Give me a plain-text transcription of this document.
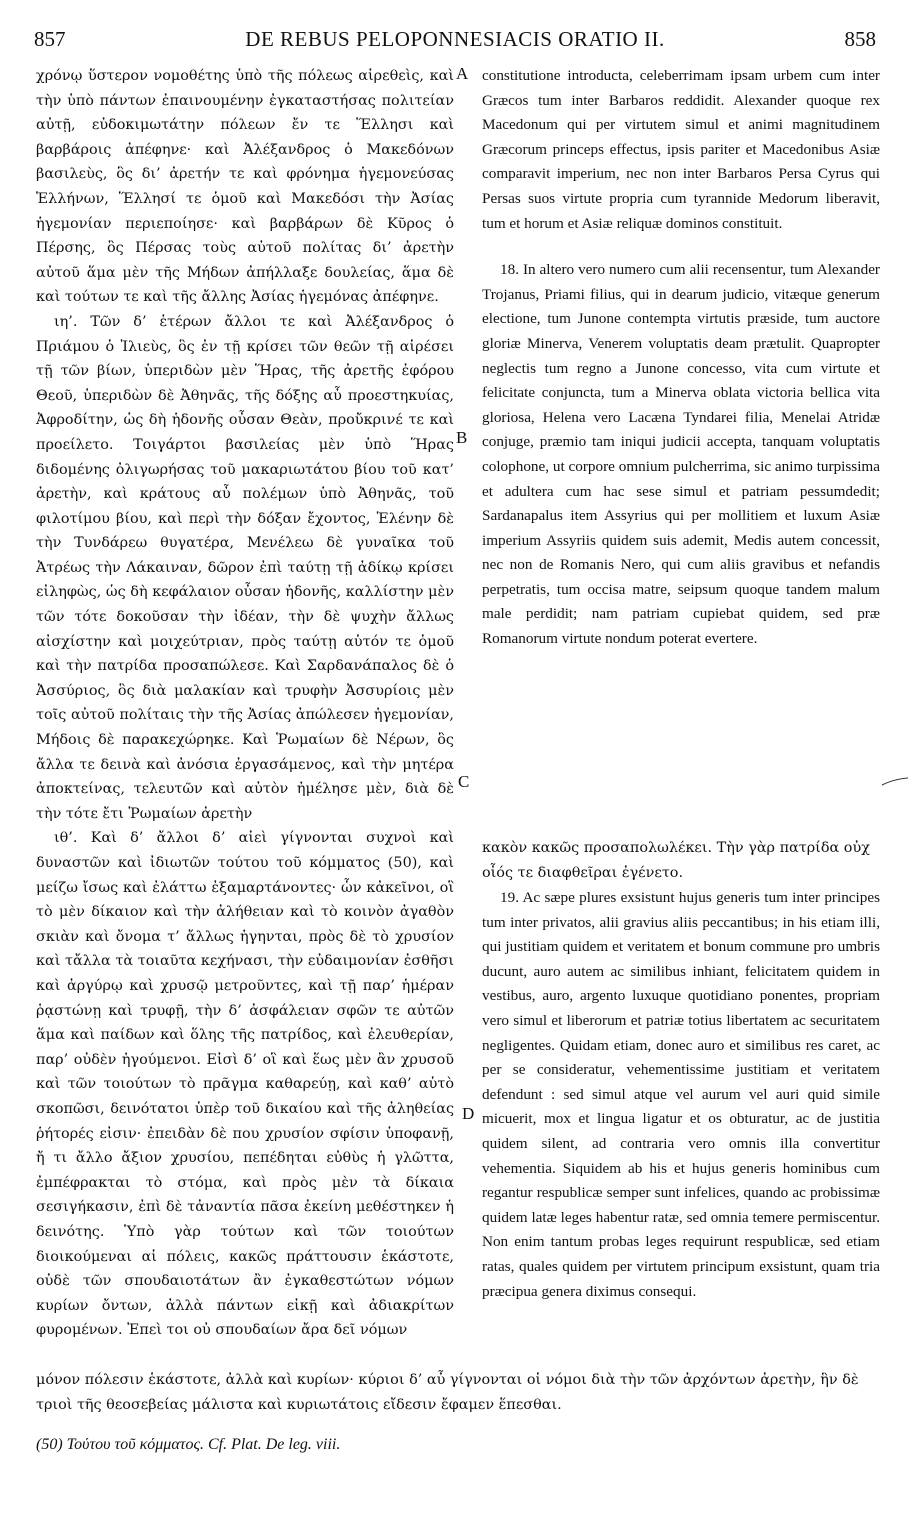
857	DE REBUS PELOPONNESIACIS ORATIO II.	858

χρόνῳ ὕστερον νομοθέτης ὑπὸ τῆς πόλεως αἱρεθεὶς, καὶ τὴν ὑπὸ πάντων ἐπαινουμένην ἐγκαταστήσας πολιτείαν αὐτῇ, εὐδοκιμωτάτην πόλεων ἔν τε Ἕλλησι καὶ βαρβάροις ἀπέφηνε· καὶ Ἀλέξανδρος ὁ Μακεδόνων βασιλεὺς, ὃς δι’ ἀρετήν τε καὶ φρόνημα ἡγεμονεύσας Ἑλλήνων, Ἕλλησί τε ὁμοῦ καὶ Μακεδόσι τὴν Ἀσίας ἡγεμονίαν περιεποίησε· καὶ βαρβάρων δὲ Κῦρος ὁ Πέρσης, ὃς Πέρσας τοὺς αὐτοῦ πολίτας δι’ ἀρετὴν αὐτοῦ ἅμα μὲν τῆς Μήδων ἀπήλλαξε δουλείας, ἅμα δὲ καὶ τούτων τε καὶ τῆς ἄλλης Ἀσίας ἡγεμόνας ἀπέφηνε.

ιη’. Τῶν δ’ ἑτέρων ἄλλοι τε καὶ Ἀλέξανδρος ὁ Πριάμου ὁ Ἰλιεὺς, ὃς ἐν τῇ κρίσει τῶν θεῶν τῇ αἱρέσει τῇ τῶν βίων, ὑπεριδὼν μὲν Ἥρας, τῆς ἀρετῆς ἐφόρου Θεοῦ, ὑπεριδὼν δὲ Ἀθηνᾶς, τῆς δόξης αὖ προεστηκυίας, Ἀφροδίτην, ὡς δὴ ἡδονῆς οὖσαν Θεὰν, προὔκρινέ τε καὶ προείλετο. Τοιγάρτοι βασιλείας μὲν ὑπὸ Ἥρας διδομένης ὀλιγωρήσας τοῦ μακαριωτάτου βίου τοῦ κατ’ ἀρετὴν, καὶ κράτους αὖ πολέμων ὑπὸ Ἀθηνᾶς, τοῦ φιλοτίμου βίου, καὶ περὶ τὴν δόξαν ἔχοντος, Ἑλένην δὲ τὴν Τυνδάρεω θυγατέρα, Μενέλεω δὲ γυναῖκα τοῦ Ἀτρέως τὴν Λάκαιναν, δῶρον ἐπὶ ταύτῃ τῇ ἀδίκῳ κρίσει εἰληφὼς, ὡς δὴ κεφάλαιον οὖσαν ἡδονῆς, καλλίστην μὲν τῶν τότε δοκοῦσαν τὴν ἰδέαν, τὴν δὲ ψυχὴν ἄλλως αἰσχίστην καὶ μοιχεύτριαν, πρὸς ταύτῃ αὑτόν τε ὁμοῦ καὶ τὴν πατρίδα προσαπώλεσε. Καὶ Σαρδανάπαλος δὲ ὁ Ἀσσύριος, ὃς διὰ μαλακίαν καὶ τρυφὴν Ἀσσυρίοις μὲν τοῖς αὐτοῦ πολίταις τὴν τῆς Ἀσίας ἀπώλεσεν ἡγεμονίαν, Μήδοις δὲ παρακεχώρηκε. Καὶ Ῥωμαίων δὲ Νέρων, ὃς ἄλλα τε δεινὰ καὶ ἀνόσια ἐργασάμενος, καὶ τὴν μητέρα ἀποκτείνας, τελευτῶν καὶ αὐτὸν ἠμέλησε μὲν, διὰ δὲ τὴν τότε ἔτι Ῥωμαίων ἀρετὴν

ιθ’. Καὶ δ’ ἄλλοι δ’ αἰεὶ γίγνονται συχνοὶ καὶ δυναστῶν καὶ ἰδιωτῶν τούτου τοῦ κόμματος (50), καὶ μείζω ἴσως καὶ ἐλάττω ἐξαμαρτάνοντες· ὧν κἀκεῖνοι, οἳ τὸ μὲν δίκαιον καὶ τὴν ἀλήθειαν καὶ τὸ κοινὸν ἀγαθὸν σκιὰν καὶ ὄνομα τ’ ἄλλως ἡγηνται, πρὸς δὲ τὸ χρυσίον καὶ τἄλλα τὰ τοιαῦτα κεχήνασι, τὴν εὐδαιμονίαν ἐσθῆσι καὶ ἀργύρῳ καὶ χρυσῷ μετροῦντες, καὶ τῇ παρ’ ἡμέραν ῥᾳστώνῃ καὶ τρυφῇ, τὴν δ’ ἀσφάλειαν σφῶν τε αὐτῶν ἅμα καὶ παίδων καὶ ὅλης τῆς πατρίδος, καὶ ἐλευθερίαν, παρ’ οὐδὲν ἡγούμενοι. Εἰσὶ δ’ οἳ καὶ ἕως μὲν ἂν χρυσοῦ καὶ τῶν τοιούτων τὸ πρᾶγμα καθαρεύῃ, καὶ καθ’ αὑτὸ σκοπῶσι, δεινότατοι ὑπὲρ τοῦ δικαίου καὶ τῆς ἀληθείας ῥήτορές εἰσιν· ἐπειδὰν δὲ που χρυσίον σφίσιν ὑποφανῇ, ἤ τι ἄλλο ἄξιον χρυσίου, πεπέδηται εὐθὺς ἡ γλῶττα, ἐμπέφρακται τὸ στόμα, καὶ πρὸς μὲν τὰ δίκαια σεσιγήκασιν, ἐπὶ δὲ τἀναντία πᾶσα ἐκείνη μεθέστηκεν ἡ δεινότης. Ὑπὸ γὰρ τούτων καὶ τῶν τοιούτων διοικούμεναι αἱ πόλεις, κακῶς πράττουσιν ἑκάστοτε, οὐδὲ τῶν σπουδαιοτάτων ἂν ἐγκαθεστώτων νόμων κυρίων ὄντων, ἀλλὰ πάντων εἰκῇ καὶ ἀδιακρίτων φυρομένων. Ἐπεὶ τοι οὐ σπουδαίων ἄρα δεῖ νόμων

A
B
C
D

constitutione introducta, celeberrimam ipsam urbem cum inter Græcos tum inter Barbaros reddidit. Alexander quoque rex Macedonum qui per virtutem simul et animi magnitudinem Græcorum princeps effectus, ipsis pariter et Macedonibus Asiæ comparavit imperium, nec non inter Barbaros Persa Cyrus qui Persas suos virtute propria cum tyrannide Medorum liberavit, tum et horum et Asiæ reliquæ dominos constituit.

18. In altero vero numero cum alii recensentur, tum Alexander Trojanus, Priami filius, qui in dearum judicio, vitæque generum electione, tum Junone contempta virtutis præside, tum auctore gloriæ Minerva, Venerem voluptatis deam prætulit. Quapropter neglectis tum regno a Junone concesso, vita cum virtute et felicitate conjuncta, tum a Minerva oblata victoria bellica vita gloriosa, Helena vero Lacæna Tyndarei filia, Menelai Atridæ conjuge, præmio tam iniqui judicii accepta, tanquam voluptatis colophone, ut corpore omnium pulcherrima, sic animo turpissima et adultera cum hac sese simul et patriam pessumdedit; Sardanapalus item Assyrius qui per mollitiem et luxum Asiæ imperium Assyriis quidem suis ademit, Medis autem concessit, nec non de Romanis Nero, qui cum aliis gravibus et nefandis perpetratis, tum occisa matre, seipsum quoque tandem malum male perdidit; nam patriam cupiebat quidem, sed præ Romanorum virtute nondum poterat evertere.

κακὸν κακῶς προσαπολωλέκει. Τὴν γὰρ πατρίδα οὐχ οἷός τε διαφθεῖραι ἐγένετο.

19. Ac sæpe plures exsistunt hujus generis tum inter principes tum inter privatos, alii gravius aliis peccantibus; in his etiam illi, qui justitiam quidem et veritatem et bonum commune pro umbris ducunt, auro autem ac similibus inhiant, felicitatem quidem in vestibus, auro, argento luxuque quotidiano ponentes, propriam vero simul et liberorum et patriæ totius libertatem ac securitatem negligentes. Quidam etiam, donec auro et similibus res caret, ac per se consideratur, vehementissime justitiam et veritatem defendunt : sed simul atque vel aurum vel auri quid simile micuerit, mox et lingua ligatur et os obturatur, ac de justitia quidem silent, ad contraria vero omnis illa convertitur vehementia. Siquidem ab his et hujus generis hominibus cum regantur respublicæ semper sunt infelices, quando ac probissimæ quidem latæ leges habentur ratæ, sed omnia temere permiscentur. Non enim tantum probas leges requirunt respublicæ, sed etiam ratas, quales quidem per virtutem principum exsistunt, quam tria præcipua genera diximus consequi.

μόνον πόλεσιν ἑκάστοτε, ἀλλὰ καὶ κυρίων· κύριοι δ’ αὖ γίγνονται οἱ νόμοι διὰ τὴν τῶν ἀρχόντων ἀρετὴν, ἣν δὲ τριοὶ τῆς θεοσεβείας μάλιστα καὶ κυριωτάτοις εἴδεσιν ἔφαμεν ἕπεσθαι.

(50) Τούτου τοῦ κόμματος. Cf. Plat. De leg. viii.
